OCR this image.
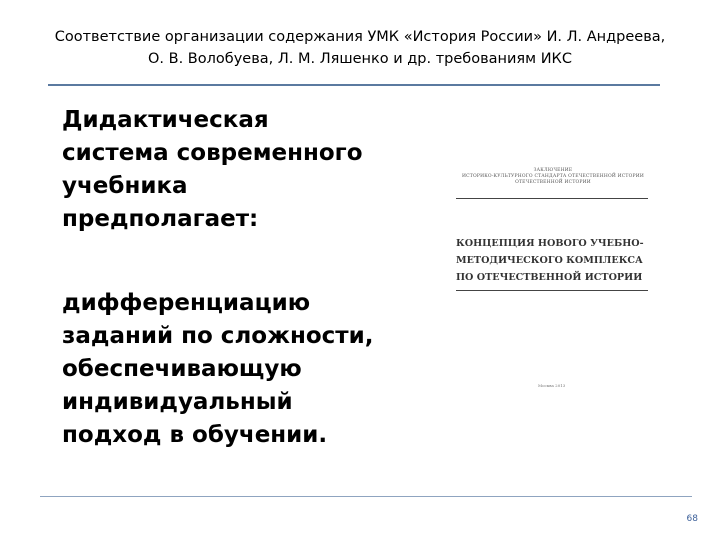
Соответствие организации содержания УМК «История России» И. Л. Андреева,
О. В. Волобуева, Л. М. Ляшенко и др. требованиям ИКС

Дидактическая

система современного

учебника

предполагает:

дифференциацию

заданий по сложности,

обеспечивающую

индивидуальный

подход в обучении.

ЗАКЛЮЧЕНИЕ
ИСТОРИКО-КУЛЬТУРНОГО СТАНДАРТА ОТЕЧЕСТВЕННОЙ ИСТОРИИ
ОТЕЧЕСТВЕННОЙ ИСТОРИИ
КОНЦЕПЦИЯ НОВОГО УЧЕБНО-
МЕТОДИЧЕСКОГО КОМПЛЕКСА
ПО ОТЕЧЕСТВЕННОЙ ИСТОРИИ
Москва 2013
68
